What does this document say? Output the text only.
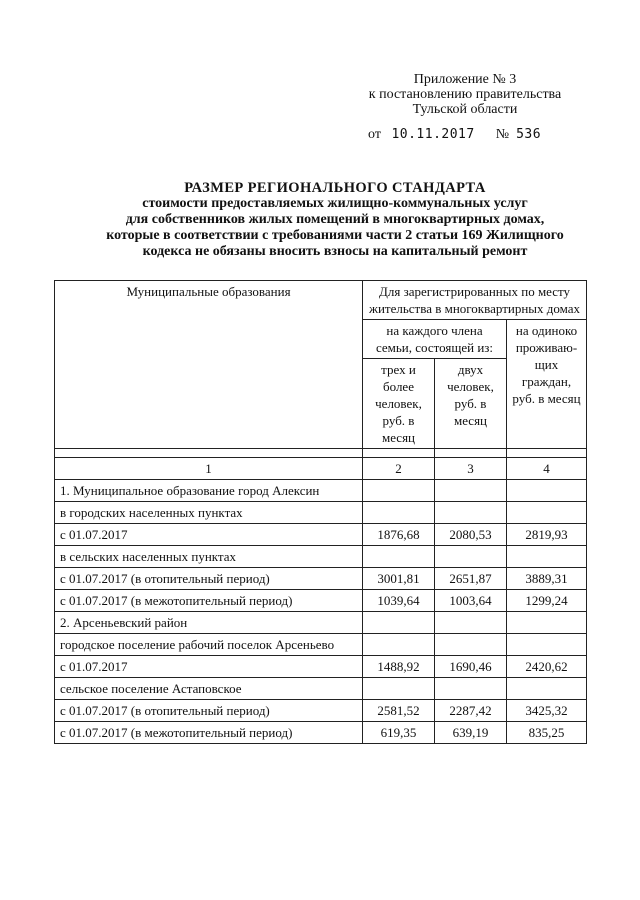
Приложение № 3
к постановлению правительства
Тульской области
от 10.11.2017 № 536
РАЗМЕР РЕГИОНАЛЬНОГО СТАНДАРТА
стоимости предоставляемых жилищно-коммунальных услуг
для собственников жилых помещений в многоквартирных домах,
которые в соответствии с требованиями части 2 статьи 169 Жилищного
кодекса не обязаны вносить взносы на капитальный ремонт
Муниципальные образования	Для зарегистрированных по месту жительства в многоквартирных домах		
	на каждого члена семьи, состоящей из:		на одиноко проживаю-щих граждан, руб. в месяц
	трех и более человек, руб. в месяц	двух человек, руб. в месяц	

1	2	3	4
1. Муниципальное образование город Алексин			
в городских населенных пунктах			
с 01.07.2017	1876,68	2080,53	2819,93
в сельских населенных пунктах			
с 01.07.2017 (в отопительный период)	3001,81	2651,87	3889,31
с 01.07.2017 (в межотопительный период)	1039,64	1003,64	1299,24
2. Арсеньевский район			
городское поселение рабочий поселок Арсеньево			
с 01.07.2017	1488,92	1690,46	2420,62
сельское поселение Астаповское			
с 01.07.2017 (в отопительный период)	2581,52	2287,42	3425,32
с 01.07.2017 (в межотопительный период)	619,35	639,19	835,25
